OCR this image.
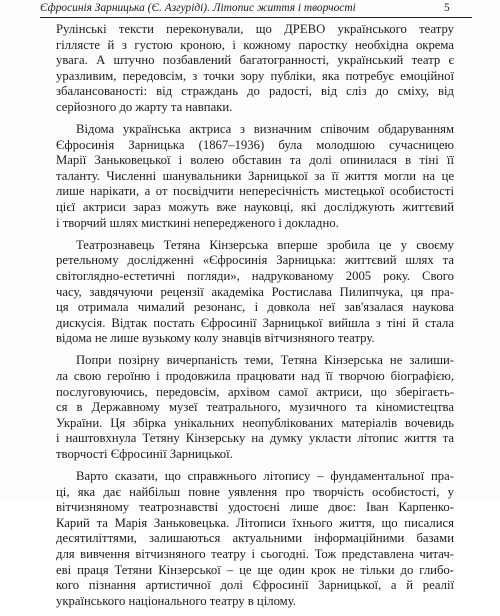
Єфросинія Зарницька (Є. Азгурiдi). Літопис життя і творчості	5
Рулінські тексти переконували, що ДРЕВО українського театру
гіллясте й з густою кроною, і кожному паростку необхідна окрема
увага. А штучно позбавлений багатогранності, український театр є
уразливим, передовсім, з точки зору публіки, яка потребує емоційної
збалансованості: від страждань до радості, від сліз до сміху, від
серйозного до жарту та навпаки.
Відома українська актриса з визначним співочим обдаруванням
Єфросинія Зарницька (1867–1936) була молодшою сучасницею
Марії Заньковецької і волею обставин та долі опинилася в тіні її
таланту. Численні шанувальники Зарницької за її життя могли на це
лише нарікати, а от посвідчити непересічність мистецької особистості
цієї актриси зараз можуть вже науковці, які досліджують життєвий
і творчий шлях мисткині непередженого і докладно.
Театрознавець Тетяна Кінзерська вперше зробила це у своєму
ретельному дослідженні «Єфросинія Зарницька: життєвий шлях та
світоглядно-естетичні погляди», надрукованому 2005 року. Свого
часу, завдячуючи рецензії академіка Ростислава Пилипчука, ця пра-
ця отримала чималий резонанс, і довкола неї зав'язалася наукова
дискусія. Відтак постать Єфросинії Зарницької вийшла з тіні й стала
відома не лише вузькому колу знавців вітчизняного театру.
Попри позірну вичерпаність теми, Тетяна Кінзерська не залиши-
ла свою героїню і продовжила працювати над її творчою біографією,
послуговуючись, передовсім, архівом самої актриси, що зберігаєть-
ся в Державному музеї театрального, музичного та кіномистецтва
України. Ця збірка унікальних неопублікованих матеріалів вочевидь
і наштовхнула Тетяну Кінзерську на думку укласти літопис життя та
творчості Єфросинії Зарницької.
Варто сказати, що справжнього літопису – фундаментальної пра-
ці, яка дає найбільш повне уявлення про творчість особистості, у
вітчизняному театрознавстві удостоєні лише двоє: Іван Карпенко-
Карий та Марія Заньковецька. Літописи їхнього життя, що писалися
десятиліттями, залишаються актуальними інформаційними базами
для вивчення вітчизняного театру і сьогодні. Тож представлена читач-
еві праця Тетяни Кінзерської – це ще один крок не тільки до глибо-
кого пізнання артистичної долі Єфросинії Зарницької, а й реалії
українського національного театру в цілому.
